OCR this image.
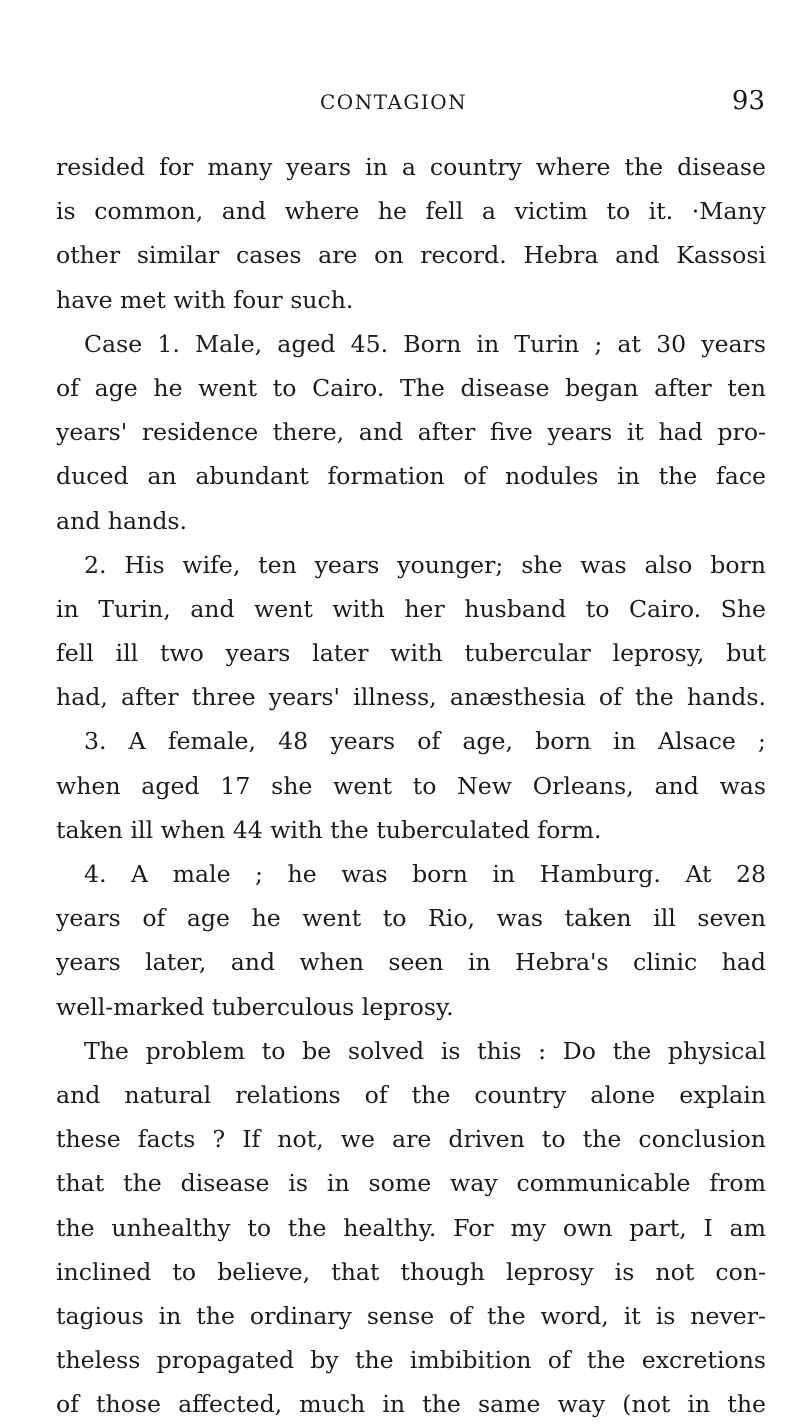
CONTAGION	93
resided for many years in a country where the disease
is common, and where he fell a victim to it. ·Many
other similar cases are on record. Hebra and Kassosi
have met with four such.
Case 1. Male, aged 45. Born in Turin ; at 30 years
of age he went to Cairo. The disease began after ten
years' residence there, and after five years it had pro-
duced an abundant formation of nodules in the face
and hands.
2. His wife, ten years younger; she was also born
in Turin, and went with her husband to Cairo. She
fell ill two years later with tubercular leprosy, but
had, after three years' illness, anæsthesia of the hands.
3. A female, 48 years of age, born in Alsace ;
when aged 17 she went to New Orleans, and was
taken ill when 44 with the tuberculated form.
4. A male ; he was born in Hamburg. At 28
years of age he went to Rio, was taken ill seven
years later, and when seen in Hebra's clinic had
well-marked tuberculous leprosy.
The problem to be solved is this : Do the physical
and natural relations of the country alone explain
these facts ? If not, we are driven to the conclusion
that the disease is in some way communicable from
the unhealthy to the healthy. For my own part, I am
inclined to believe, that though leprosy is not con-
tagious in the ordinary sense of the word, it is never-
theless propagated by the imbibition of the excretions
of those affected, much in the same way (not in the
